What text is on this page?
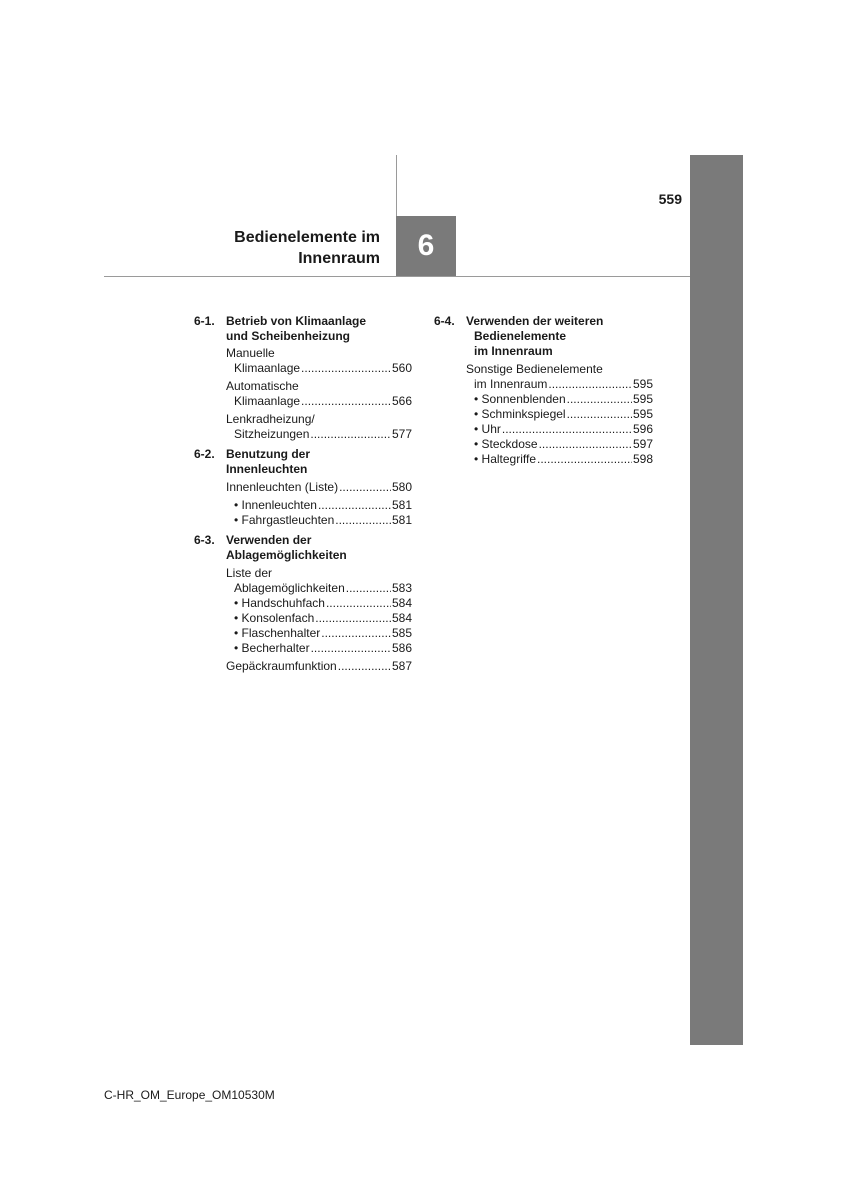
559
Bedienelemente im
Innenraum	6
6-1. Betrieb von Klimaanlage
und Scheibenheizung
Manuelle
Klimaanlage .....	560
Automatische
Klimaanlage .....	566
Lenkradheizung/
Sitzheizungen .....	577
6-2. Benutzung der
Innenleuchten
Innenleuchten (Liste) .....	580
• Innenleuchten .....	581
• Fahrgastleuchten .....	581
6-3. Verwenden der
Ablagemöglichkeiten
Liste der
Ablagemöglichkeiten .....	583
• Handschuhfach .....	584
• Konsolenfach .....	584
• Flaschenhalter .....	585
• Becherhalter .....	586
Gepäckraumfunktion .....	587
6-4. Verwenden der weiteren
Bedienelemente
im Innenraum
Sonstige Bedienelemente
im Innenraum .....	595
• Sonnenblenden .....	595
• Schminkspiegel .....	595
• Uhr .....	596
• Steckdose .....	597
• Haltegriffe .....	598
C-HR_OM_Europe_OM10530M
